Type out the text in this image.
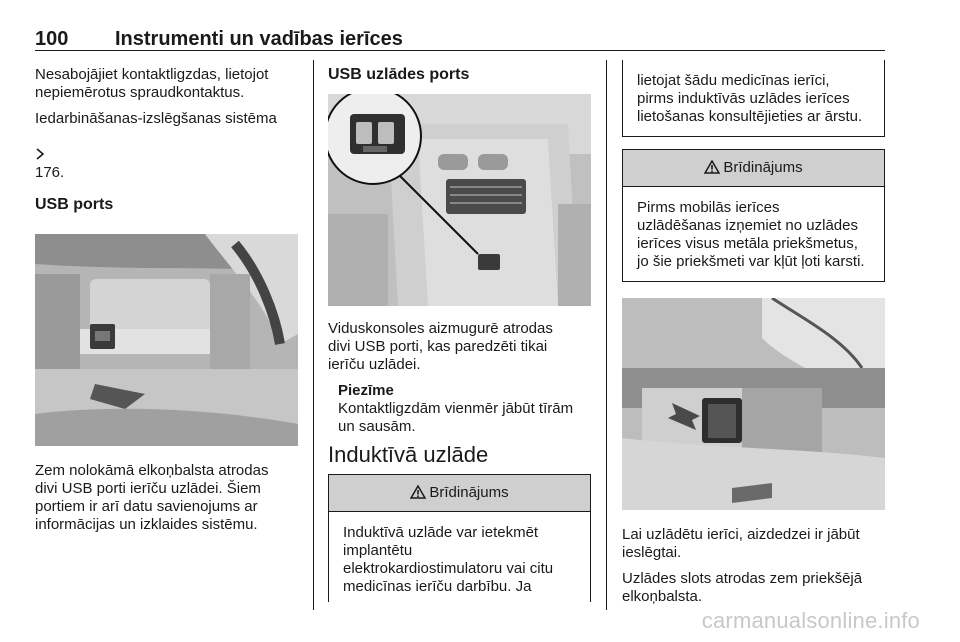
100 Instrumenti un vadības ierīces

Nesabojājiet kontaktligzdas, lietojot
nepiemērotus spraudkontaktus.

Iedarbināšanas-izslēgšanas sistēma

176.

USB ports

Zem nolokāmā elkoņbalsta atrodas
divi USB porti ierīču uzlādei. Šiem
portiem ir arī datu savienojums ar
informācijas un izklaides sistēmu.

USB uzlādes ports

Viduskonsoles aizmugurē atrodas
divi USB porti, kas paredzēti tikai
ierīču uzlādei.

Piezīme
Kontaktligzdām vienmēr jābūt tīrām
un sausām.
Induktīvā uzlāde
Brīdinājums
Induktīvā uzlāde var ietekmēt
implantētu
elektrokardiostimulatoru vai citu
medicīnas ierīču darbību. Ja
lietojat šādu medicīnas ierīci,
pirms induktīvās uzlādes ierīces
lietošanas konsultējieties ar ārstu.
Brīdinājums
Pirms mobilās ierīces
uzlādēšanas izņemiet no uzlādes
ierīces visus metāla priekšmetus,
jo šie priekšmeti var kļūt ļoti karsti.

Lai uzlādētu ierīci, aizdedzei ir jābūt
ieslēgtai.

Uzlādes slots atrodas zem priekšējā
elkoņbalsta.

carmanualsonline.info
